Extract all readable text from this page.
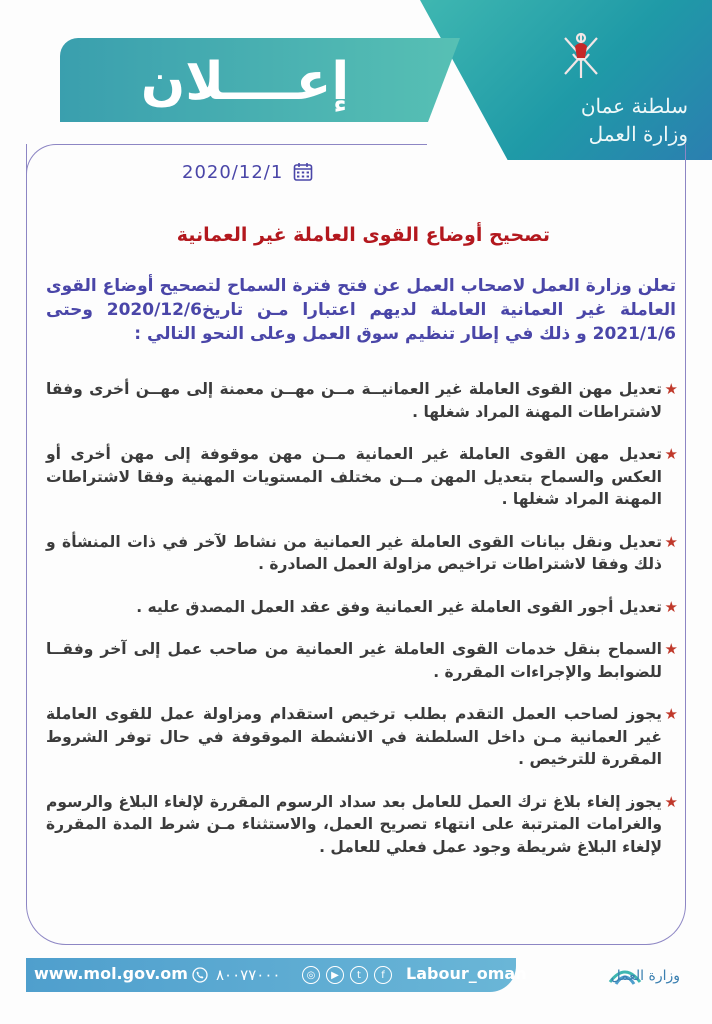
سلطنة عمان
وزارة العمل
إعــــلان
2020/12/1
تصحيح أوضاع القوى العاملة غير العمانية
تعلن وزارة العمل لاصحاب العمل عن فتح فترة السماح لتصحيح أوضاع القوى العاملة غير العمانية العاملة لديهم اعتبارا مـن تاريخ2020/12/6 وحتى 2021/1/6 و ذلك في إطار تنظيم سوق العمل وعلى النحو التالي :
★
تعديل مهن القوى العاملة غير العمانيــة مــن مهــن معمنة إلى مهــن أخرى وفقا لاشتراطات المهنة المراد شغلها .
★
تعديل مهن القوى العاملة غير العمانية مــن مهن موقوفة إلى مهن أخرى أو العكس والسماح بتعديل المهن مــن مختلف المستويات المهنية وفقا لاشتراطات المهنة المراد شغلها .
★
تعديل ونقل بيانات القوى العاملة غير العمانية من نشاط لآخر في ذات المنشأة و ذلك وفقا لاشتراطات تراخيص مزاولة العمل الصادرة .
★
تعديل أجور القوى العاملة غير العمانية وفق عقد العمل المصدق عليه .
★
السماح بنقل خدمات القوى العاملة غير العمانية من صاحب عمل إلى آخر وفقــا للضوابط والإجراءات المقررة .
★
يجوز لصاحب العمل التقدم بطلب ترخيص استقدام ومزاولة عمل للقوى العاملة غير العمانية مـن داخل السلطنة في الانشطة الموقوفة في حال توفر الشروط المقررة للترخيص .
★
يجوز إلغاء بلاغ ترك العمل للعامل بعد سداد الرسوم المقررة لإلغاء البلاغ والرسوم والغرامات المترتبة على انتهاء تصريح العمل، والاستثناء مـن شرط المدة المقررة لإلغاء البلاغ شريطة وجود عمل فعلي للعامل .
www.mol.gov.om ٨٠٠٧٧٠٠٠	◎	▶	t	f	Labour_oman	وزارة العمل
